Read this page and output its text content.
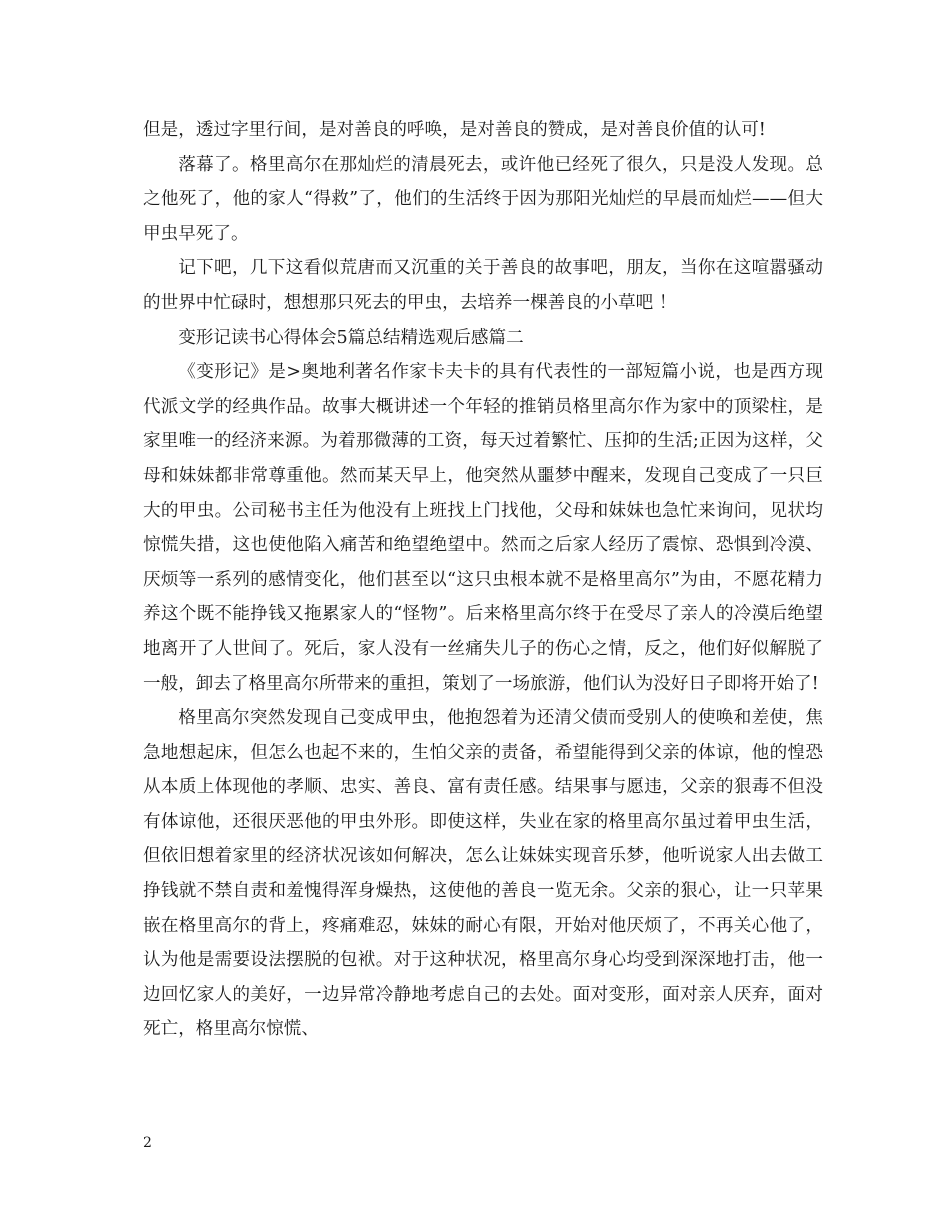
但是，透过字里行间，是对善良的呼唤，是对善良的赞成，是对善良价值的认可!

落幕了。格里高尔在那灿烂的清晨死去，或许他已经死了很久，只是没人发现。总之他死了，他的家人“得救”了，他们的生活终于因为那阳光灿烂的早晨而灿烂——但大甲虫早死了。

记下吧，几下这看似荒唐而又沉重的关于善良的故事吧，朋友，当你在这喧嚣骚动的世界中忙碌时，想想那只死去的甲虫，去培养一棵善良的小草吧 ！

变形记读书心得体会5篇总结精选观后感篇二

《变形记》是>奥地利著名作家卡夫卡的具有代表性的一部短篇小说，也是西方现代派文学的经典作品。故事大概讲述一个年轻的推销员格里高尔作为家中的顶梁柱，是家里唯一的经济来源。为着那微薄的工资，每天过着繁忙、压抑的生活;正因为这样，父母和妹妹都非常尊重他。然而某天早上，他突然从噩梦中醒来，发现自己变成了一只巨大的甲虫。公司秘书主任为他没有上班找上门找他，父母和妹妹也急忙来询问，见状均惊慌失措，这也使他陷入痛苦和绝望绝望中。然而之后家人经历了震惊、恐惧到冷漠、厌烦等一系列的感情变化，他们甚至以“这只虫根本就不是格里高尔”为由，不愿花精力养这个既不能挣钱又拖累家人的“怪物”。后来格里高尔终于在受尽了亲人的冷漠后绝望地离开了人世间了。死后，家人没有一丝痛失儿子的伤心之情，反之，他们好似解脱了一般，卸去了格里高尔所带来的重担，策划了一场旅游，他们认为没好日子即将开始了!

格里高尔突然发现自己变成甲虫，他抱怨着为还清父债而受别人的使唤和差使，焦急地想起床，但怎么也起不来的，生怕父亲的责备，希望能得到父亲的体谅，他的惶恐从本质上体现他的孝顺、忠实、善良、富有责任感。结果事与愿违，父亲的狠毒不但没有体谅他，还很厌恶他的甲虫外形。即使这样，失业在家的格里高尔虽过着甲虫生活，但依旧想着家里的经济状况该如何解决，怎么让妹妹实现音乐梦，他听说家人出去做工挣钱就不禁自责和羞愧得浑身燥热，这使他的善良一览无余。父亲的狠心，让一只苹果嵌在格里高尔的背上，疼痛难忍，妹妹的耐心有限，开始对他厌烦了，不再关心他了，认为他是需要设法摆脱的包袱。对于这种状况，格里高尔身心均受到深深地打击，他一边回忆家人的美好，一边异常冷静地考虑自己的去处。面对变形，面对亲人厌弃，面对死亡，格里高尔惊慌、

2
